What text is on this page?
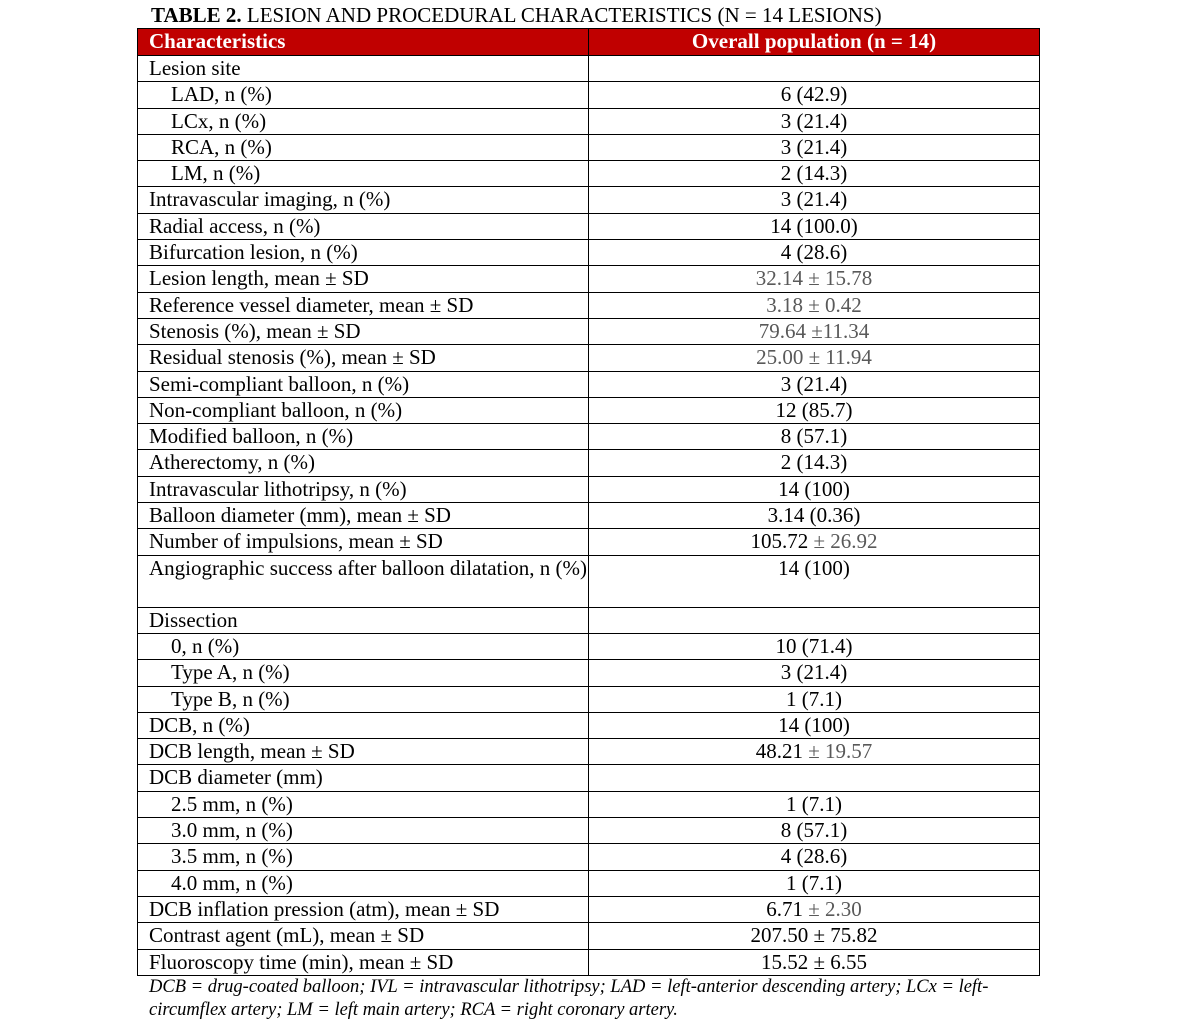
TABLE 2. LESION AND PROCEDURAL CHARACTERISTICS (N = 14 LESIONS)
Characteristics	Overall population (n = 14)
Lesion site	
LAD, n (%)	6 (42.9)
LCx, n (%)	3 (21.4)
RCA, n (%)	3 (21.4)
LM, n (%)	2 (14.3)
Intravascular imaging, n (%)	3 (21.4)
Radial access, n (%)	14 (100.0)
Bifurcation lesion, n (%)	4 (28.6)
Lesion length, mean ± SD	32.14 ± 15.78
Reference vessel diameter, mean ± SD	3.18 ± 0.42
Stenosis (%), mean ± SD	79.64 ±11.34
Residual stenosis (%), mean ± SD	25.00 ± 11.94
Semi-compliant balloon, n (%)	3 (21.4)
Non-compliant balloon, n (%)	12 (85.7)
Modified balloon, n (%)	8 (57.1)
Atherectomy, n (%)	2 (14.3)
Intravascular lithotripsy, n (%)	14 (100)
Balloon diameter (mm), mean ± SD	3.14 (0.36)
Number of impulsions, mean ± SD	105.72 ± 26.92
Angiographic success after balloon dilatation, n (%)	14 (100)
Dissection	
0, n (%)	10 (71.4)
Type A, n (%)	3 (21.4)
Type B, n (%)	1 (7.1)
DCB, n (%)	14 (100)
DCB length, mean ± SD	48.21 ± 19.57
DCB diameter (mm)	
2.5 mm, n (%)	1 (7.1)
3.0 mm, n (%)	8 (57.1)
3.5 mm, n (%)	4 (28.6)
4.0 mm, n (%)	1 (7.1)
DCB inflation pression (atm), mean ± SD	6.71 ± 2.30
Contrast agent (mL), mean ± SD	207.50 ± 75.82
Fluoroscopy time (min), mean ± SD	15.52 ± 6.55
DCB = drug-coated balloon; IVL = intravascular lithotripsy; LAD = left-anterior descending artery; LCx = left-circumflex artery; LM = left main artery; RCA = right coronary artery.
